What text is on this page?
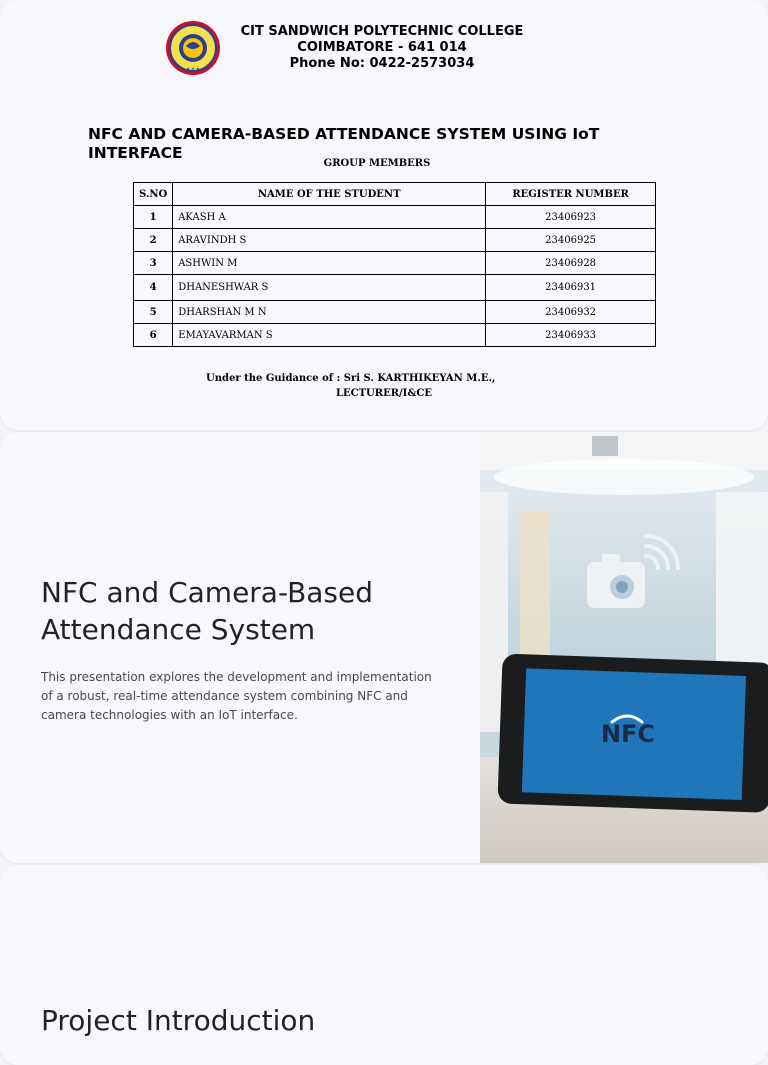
★ ★ ★
CIT SANDWICH POLYTECHNIC COLLEGE
COIMBATORE - 641 014
Phone No: 0422-2573034
NFC AND CAMERA-BASED ATTENDANCE SYSTEM USING IoT INTERFACE
GROUP MEMBERS
S.NO	NAME OF THE STUDENT	REGISTER NUMBER
1	AKASH A	23406923
2	ARAVINDH S	23406925
3	ASHWIN M	23406928
4	DHANESHWAR S	23406931
5	DHARSHAN M N	23406932
6	EMAYAVARMAN S	23406933
Under the Guidance of : Sri S. KARTHIKEYAN M.E.,
LECTURER/I&CE
NFC and Camera-Based Attendance System

This presentation explores the development and implementation of a robust, real-time attendance system combining NFC and camera technologies with an IoT interface.

NFC
Project Introduction
